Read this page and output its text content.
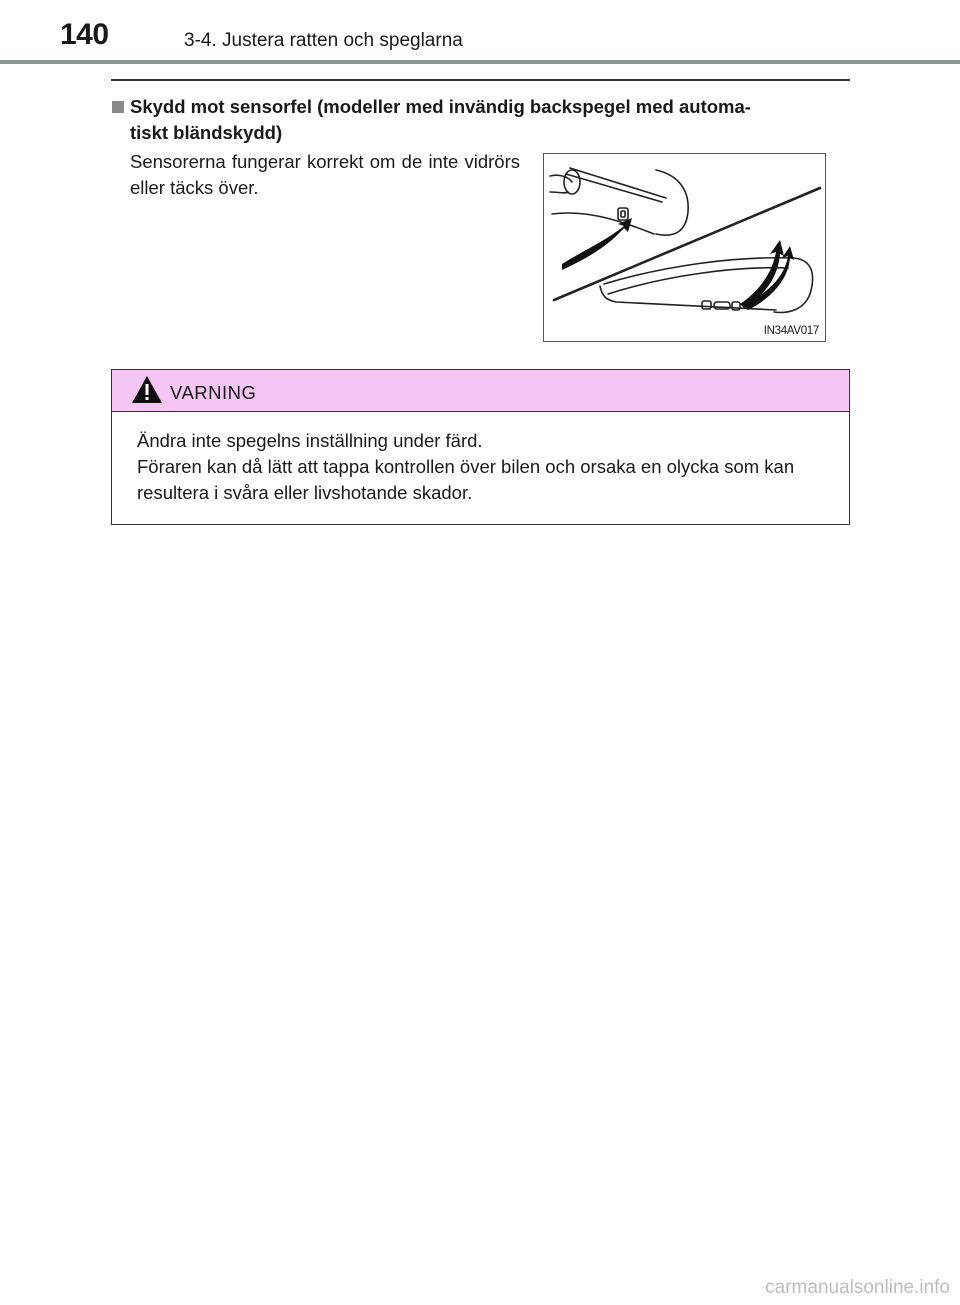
140	3-4. Justera ratten och speglarna
Skydd mot sensorfel (modeller med invändig backspegel med automa-
tiskt bländskydd)
Sensorerna fungerar korrekt om de inte vidrörs eller täcks över.
IN34AV017
VARNING

Ändra inte spegelns inställning under färd.

Föraren kan då lätt att tappa kontrollen över bilen och orsaka en olycka som kan resultera i svåra eller livshotande skador.

carmanualsonline.info
